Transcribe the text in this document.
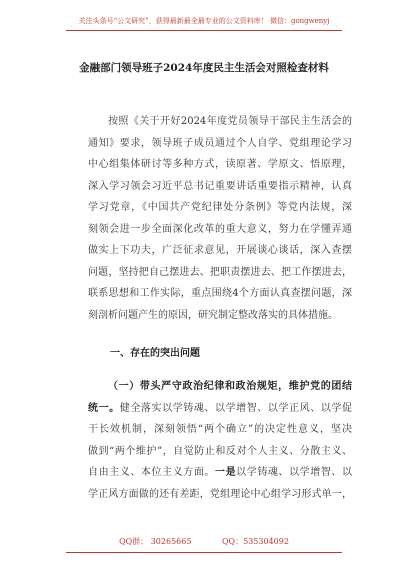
关注头条号“公文研究”，获得最新最全最专业的公文资料库！ 微信：gongwenyj
金融部门领导班子2024年度民主生活会对照检查材料
按照《关于开好2024年度党员领导干部民主生活会的
通知》要求，领导班子成员通过个人自学、党组理论学习
中心组集体研讨等多种方式，读原著、学原文、悟原理，
深入学习领会习近平总书记重要讲话重要指示精神，认真
学习党章，《中国共产党纪律处分条例》等党内法规，深
刻领会进一步全面深化改革的重大意义，努力在学懂弄通
做实上下功夫，广泛征求意见，开展谈心谈话，深入查摆
问题，坚持把自己摆进去、把职责摆进去、把工作摆进去，
联系思想和工作实际，重点围绕4个方面认真查摆问题，深
刻剖析问题产生的原因，研究制定整改落实的具体措施。
一、存在的突出问题
（一）带头严守政治纪律和政治规矩，维护党的团结
统一。健全落实以学铸魂、以学增智、以学正风、以学促
干长效机制，深刻领悟“两个确立”的决定性意义，坚决
做到“两个维护”，自觉防止和反对个人主义、分散主义、
自由主义、本位主义方面。一是以学铸魂、以学增智、以
学正风方面做的还有差距，党组理论中心组学习形式单一，
QQ群： 30265665	QQ：535304092
